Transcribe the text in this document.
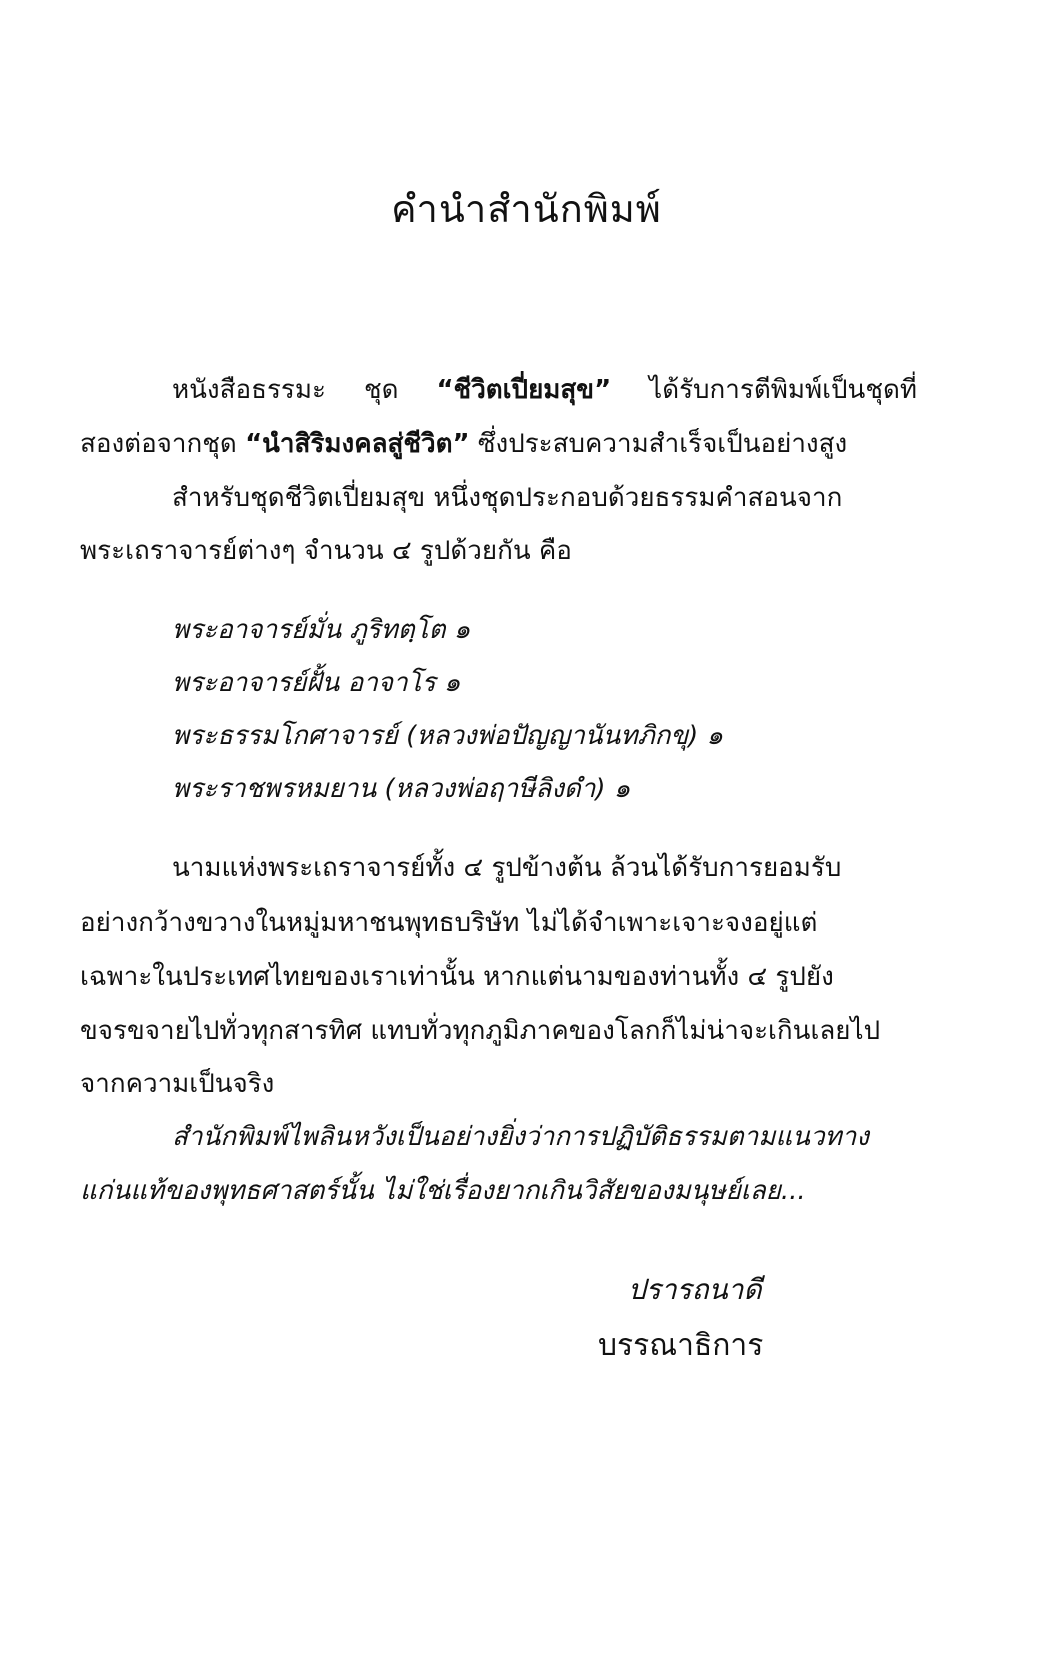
คำนำสำนักพิมพ์
หนังสือธรรมะ ชุด “ชีวิตเปี่ยมสุข” ได้รับการตีพิมพ์เป็นชุดที่
สองต่อจากชุด “นำสิริมงคลสู่ชีวิต” ซึ่งประสบความสำเร็จเป็นอย่างสูง
สำหรับชุดชีวิตเปี่ยมสุข หนึ่งชุดประกอบด้วยธรรมคำสอนจาก
พระเถราจารย์ต่างๆ จำนวน ๔ รูปด้วยกัน คือ
พระอาจารย์มั่น ภูริทตฺโต ๑
พระอาจารย์ฝั้น อาจาโร ๑
พระธรรมโกศาจารย์ (หลวงพ่อปัญญานันทภิกขุ) ๑
พระราชพรหมยาน (หลวงพ่อฤาษีลิงดำ) ๑
นามแห่งพระเถราจารย์ทั้ง ๔ รูปข้างต้น ล้วนได้รับการยอมรับ
อย่างกว้างขวางในหมู่มหาชนพุทธบริษัท ไม่ได้จำเพาะเจาะจงอยู่แต่
เฉพาะในประเทศไทยของเราเท่านั้น หากแต่นามของท่านทั้ง ๔ รูปยัง
ขจรขจายไปทั่วทุกสารทิศ แทบทั่วทุกภูมิภาคของโลกก็ไม่น่าจะเกินเลยไป
จากความเป็นจริง
สำนักพิมพ์ไพลินหวังเป็นอย่างยิ่งว่าการปฏิบัติธรรมตามแนวทาง
แก่นแท้ของพุทธศาสตร์นั้น ไม่ใช่เรื่องยากเกินวิสัยของมนุษย์เลย...
ปรารถนาดี
บรรณาธิการ
